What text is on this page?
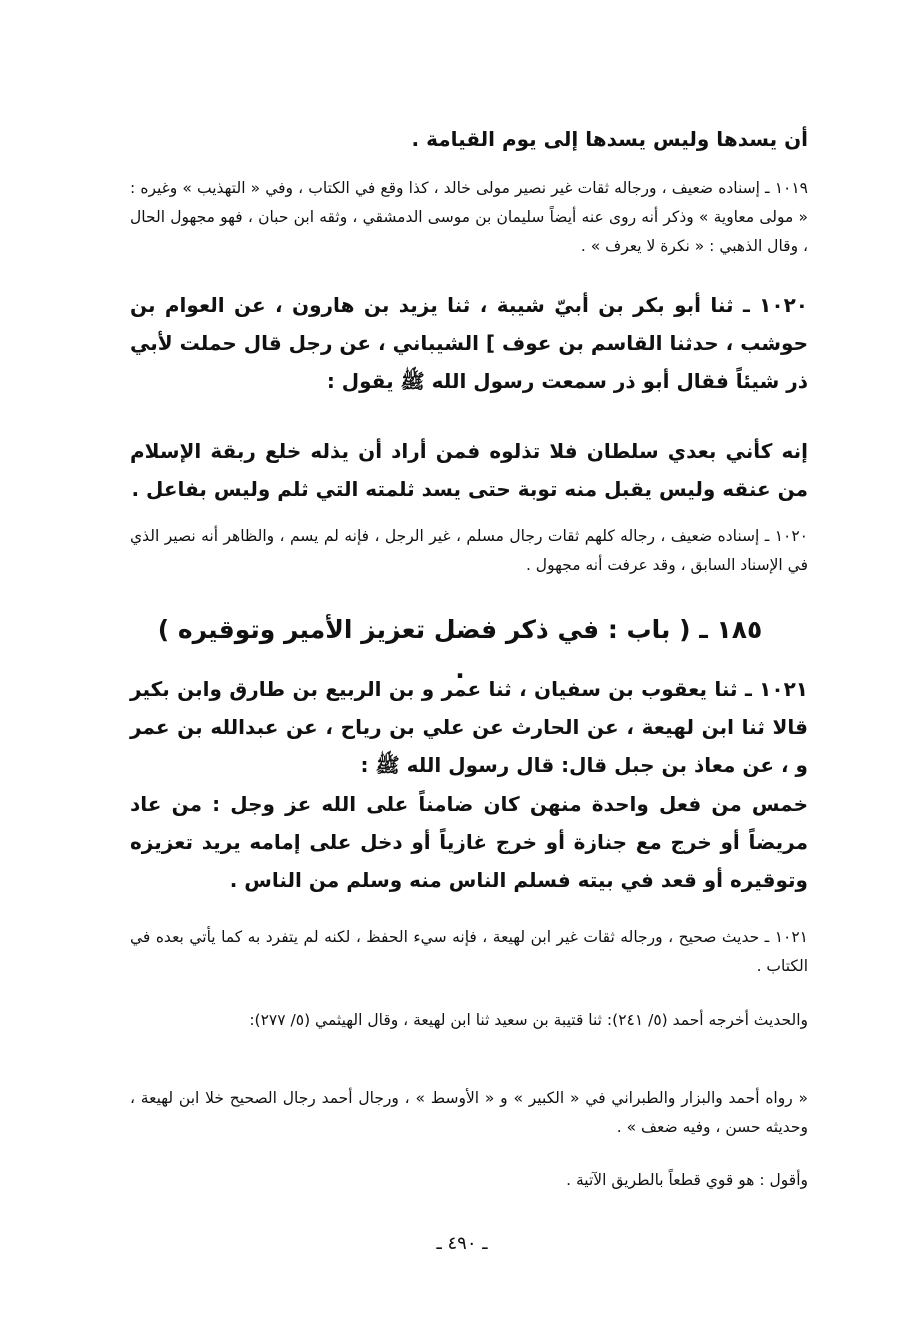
أن يسدها وليس يسدها إلى يوم القيامة .

١٠١٩ ـ إسناده ضعيف ، ورجاله ثقات غير نصير مولى خالد ، كذا وقع في الكتاب ، وفي « التهذيب » وغيره : « مولى معاوية » وذكر أنه روى عنه أيضاً سليمان بن موسى الدمشقي ، وثقه ابن حبان ، فهو مجهول الحال ، وقال الذهبي : « نكرة لا يعرف » .

١٠٢٠ ـ ثنا أبو بكر بن أبيّ شيبة ، ثنا يزيد بن هارون ، عن العوام بن حوشب ، حدثنا القاسم بن عوف ] الشيباني ، عن رجل قال حملت لأبي ذر شيئاً فقال أبو ذر سمعت رسول الله ﷺ يقول :

إنه كأني بعدي سلطان فلا تذلوه فمن أراد أن يذله خلع ربقة الإسلام من عنقه وليس يقبل منه توبة حتى يسد ثلمته التي ثلم وليس بفاعل .

١٠٢٠ ـ إسناده ضعيف ، رجاله كلهم ثقات رجال مسلم ، غير الرجل ، فإنه لم يسم ، والظاهر أنه نصير الذي في الإسناد السابق ، وقد عرفت أنه مجهول .

١٨٥ ـ ( باب : في ذكر فضل تعزيز الأمير وتوقيره ) .

١٠٢١ ـ ثنا يعقوب بن سفيان ، ثنا عمر و بن الربيع بن طارق وابن بكير قالا ثنا ابن لهيعة ، عن الحارث عن علي بن رياح ، عن عبدالله بن عمر و ، عن معاذ بن جبل قال: قال رسول الله ﷺ :

خمس من فعل واحدة منهن كان ضامناً على الله عز وجل : من عاد مريضاً أو خرج مع جنازة أو خرج غازياً أو دخل على إمامه يريد تعزيزه وتوقيره أو قعد في بيته فسلم الناس منه وسلم من الناس .

١٠٢١ ـ حديث صحيح ، ورجاله ثقات غير ابن لهيعة ، فإنه سيء الحفظ ، لكنه لم يتفرد به كما يأتي بعده في الكتاب .

والحديث أخرجه أحمد (٥/ ٢٤١): ثنا قتيبة بن سعيد ثنا ابن لهيعة ، وقال الهيثمي (٥/ ٢٧٧):

« رواه أحمد والبزار والطبراني في « الكبير » و « الأوسط » ، ورجال أحمد رجال الصحيح خلا ابن لهيعة ، وحديثه حسن ، وفيه ضعف » .

وأقول : هو قوي قطعاً بالطريق الآتية .

ـ ٤٩٠ ـ
